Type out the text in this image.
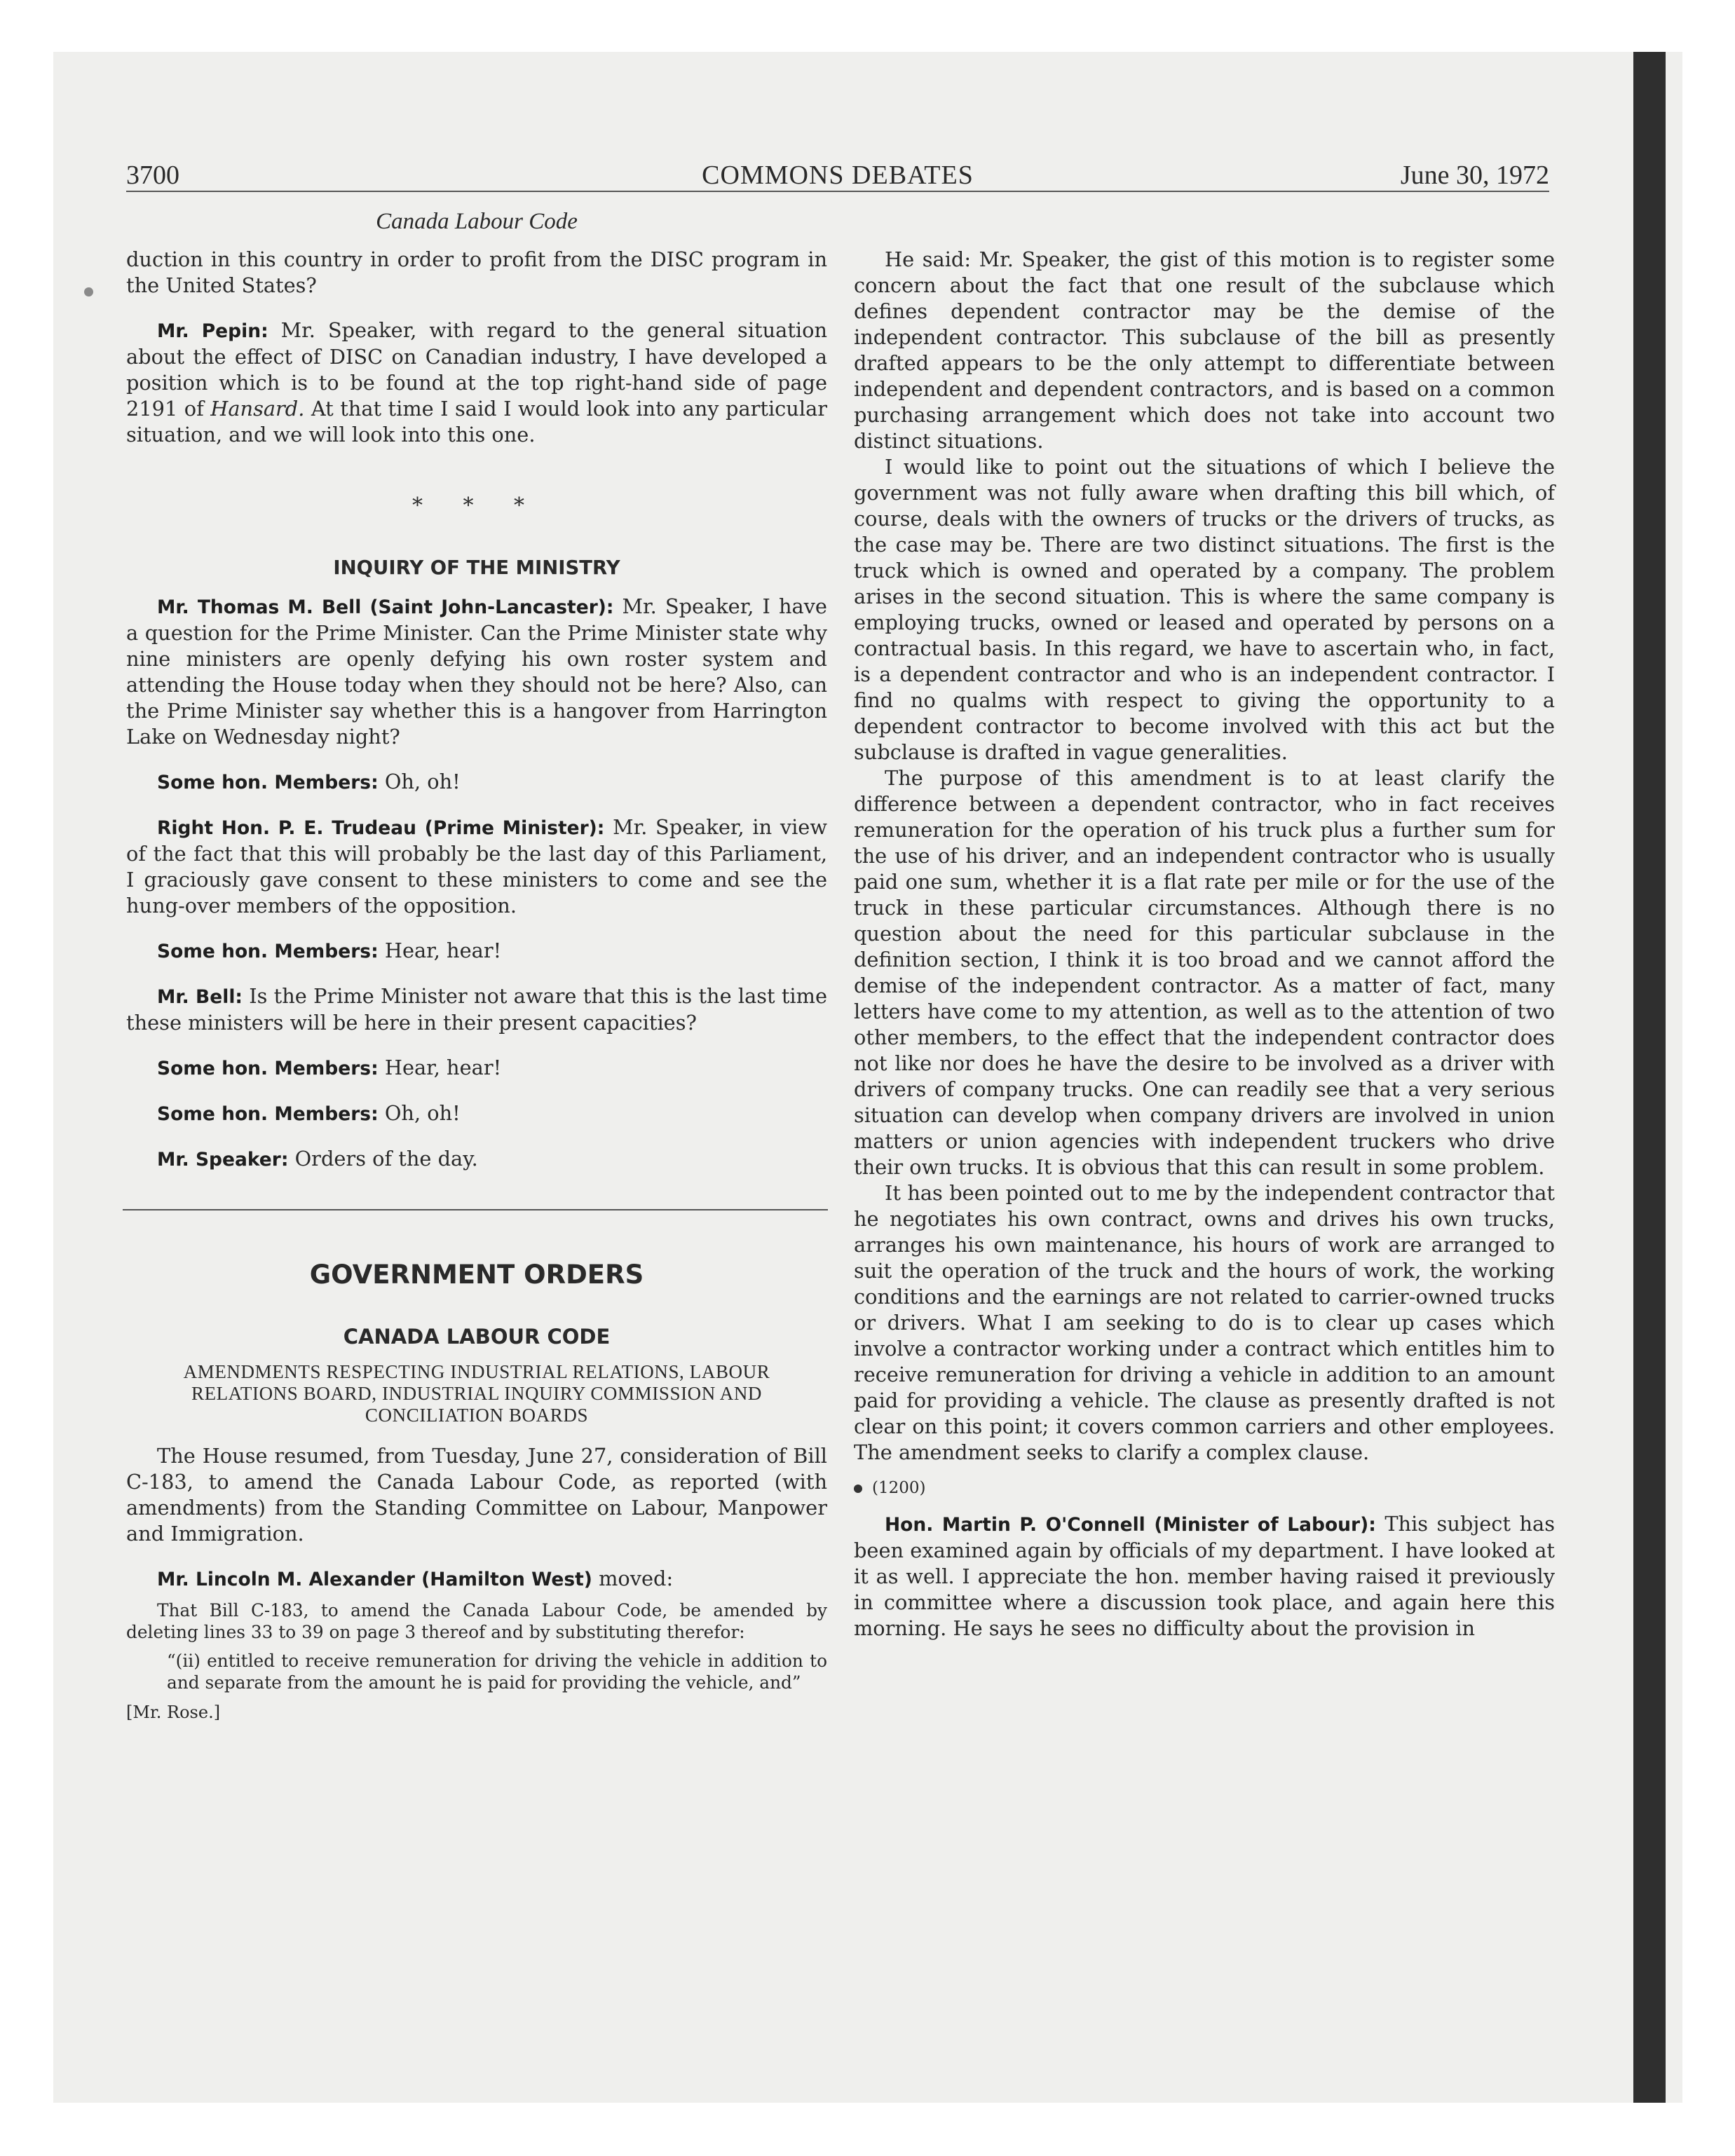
3700	COMMONS DEBATES	June 30, 1972
Canada Labour Code

duction in this country in order to profit from the DISC program in the United States?

Mr. Pepin: Mr. Speaker, with regard to the general situation about the effect of DISC on Canadian industry, I have developed a position which is to be found at the top right-hand side of page 2191 of Hansard. At that time I said I would look into any particular situation, and we will look into this one.

* * *

INQUIRY OF THE MINISTRY

Mr. Thomas M. Bell (Saint John-Lancaster): Mr. Speaker, I have a question for the Prime Minister. Can the Prime Minister state why nine ministers are openly defying his own roster system and attending the House today when they should not be here? Also, can the Prime Minister say whether this is a hangover from Harrington Lake on Wednesday night?

Some hon. Members: Oh, oh!

Right Hon. P. E. Trudeau (Prime Minister): Mr. Speaker, in view of the fact that this will probably be the last day of this Parliament, I graciously gave consent to these ministers to come and see the hung-over members of the opposition.

Some hon. Members: Hear, hear!

Mr. Bell: Is the Prime Minister not aware that this is the last time these ministers will be here in their present capacities?

Some hon. Members: Hear, hear!

Some hon. Members: Oh, oh!

Mr. Speaker: Orders of the day.

GOVERNMENT ORDERS

CANADA LABOUR CODE

AMENDMENTS RESPECTING INDUSTRIAL RELATIONS, LABOUR RELATIONS BOARD, INDUSTRIAL INQUIRY COMMISSION AND CONCILIATION BOARDS

The House resumed, from Tuesday, June 27, consideration of Bill C-183, to amend the Canada Labour Code, as reported (with amendments) from the Standing Committee on Labour, Manpower and Immigration.

Mr. Lincoln M. Alexander (Hamilton West) moved:

That Bill C-183, to amend the Canada Labour Code, be amended by deleting lines 33 to 39 on page 3 thereof and by substituting therefor:

“(ii) entitled to receive remuneration for driving the vehicle in addition to and separate from the amount he is paid for providing the vehicle, and”

[Mr. Rose.]

He said: Mr. Speaker, the gist of this motion is to register some concern about the fact that one result of the subclause which defines dependent contractor may be the demise of the independent contractor. This subclause of the bill as presently drafted appears to be the only attempt to differentiate between independent and dependent contractors, and is based on a common purchasing arrangement which does not take into account two distinct situations.

I would like to point out the situations of which I believe the government was not fully aware when drafting this bill which, of course, deals with the owners of trucks or the drivers of trucks, as the case may be. There are two distinct situations. The first is the truck which is owned and operated by a company. The problem arises in the second situation. This is where the same company is employing trucks, owned or leased and operated by persons on a contractual basis. In this regard, we have to ascertain who, in fact, is a dependent contractor and who is an independent contractor. I find no qualms with respect to giving the opportunity to a dependent contractor to become involved with this act but the subclause is drafted in vague generalities.

The purpose of this amendment is to at least clarify the difference between a dependent contractor, who in fact receives remuneration for the operation of his truck plus a further sum for the use of his driver, and an independent contractor who is usually paid one sum, whether it is a flat rate per mile or for the use of the truck in these particular circumstances. Although there is no question about the need for this particular subclause in the definition section, I think it is too broad and we cannot afford the demise of the independent contractor. As a matter of fact, many letters have come to my attention, as well as to the attention of two other members, to the effect that the independent contractor does not like nor does he have the desire to be involved as a driver with drivers of company trucks. One can readily see that a very serious situation can develop when company drivers are involved in union matters or union agencies with independent truckers who drive their own trucks. It is obvious that this can result in some problem.

It has been pointed out to me by the independent contractor that he negotiates his own contract, owns and drives his own trucks, arranges his own maintenance, his hours of work are arranged to suit the operation of the truck and the hours of work, the working conditions and the earnings are not related to carrier-owned trucks or drivers. What I am seeking to do is to clear up cases which involve a contractor working under a contract which entitles him to receive remuneration for driving a vehicle in addition to an amount paid for providing a vehicle. The clause as presently drafted is not clear on this point; it covers common carriers and other employees. The amendment seeks to clarify a complex clause.

(1200)

Hon. Martin P. O'Connell (Minister of Labour): This subject has been examined again by officials of my department. I have looked at it as well. I appreciate the hon. member having raised it previously in committee where a discussion took place, and again here this morning. He says he sees no difficulty about the provision in
